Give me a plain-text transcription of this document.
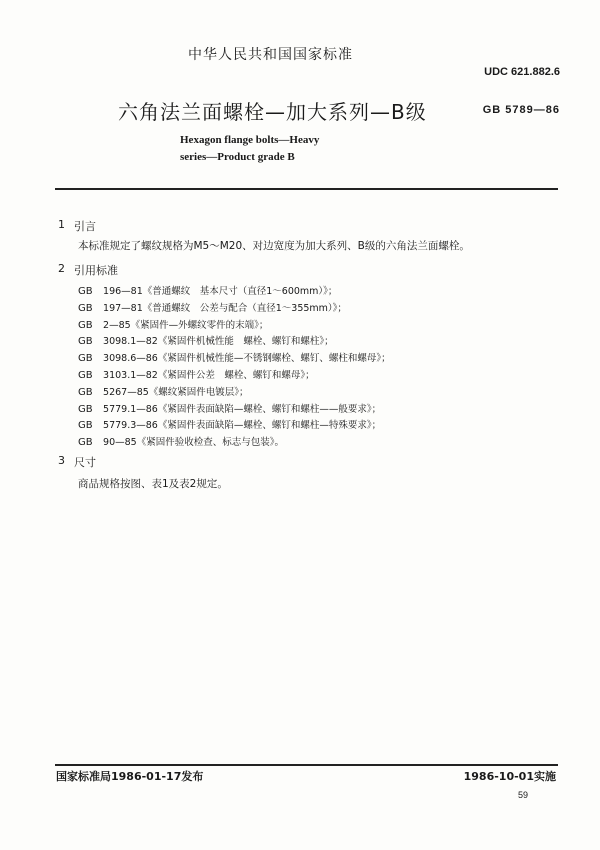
中华人民共和国国家标准
UDC 621.882.6
六角法兰面螺栓—加大系列—B级	GB 5789—86
Hexagon flange bolts—Heavy
series—Product grade B
1 引言
本标准规定了螺纹规格为M5～M20、对边宽度为加大系列、B级的六角法兰面螺栓。
2 引用标准
GB 196—81《普通螺纹　基本尺寸（直径1～600mm）》；
GB 197—81《普通螺纹　公差与配合（直径1～355mm）》；
GB 2—85《紧固件—外螺纹零件的末端》；
GB 3098.1—82《紧固件机械性能　螺栓、螺钉和螺柱》；
GB 3098.6—86《紧固件机械性能—不锈钢螺栓、螺钉、螺柱和螺母》；
GB 3103.1—82《紧固件公差　螺栓、螺钉和螺母》；
GB 5267—85《螺纹紧固件电镀层》；
GB 5779.1—86《紧固件表面缺陷—螺栓、螺钉和螺柱——般要求》；
GB 5779.3—86《紧固件表面缺陷—螺栓、螺钉和螺柱—特殊要求》；
GB 90—85《紧固件验收检查、标志与包装》。
3 尺寸
商品规格按图、表1及表2规定。
国家标准局1986-01-17发布	1986-10-01实施
59
